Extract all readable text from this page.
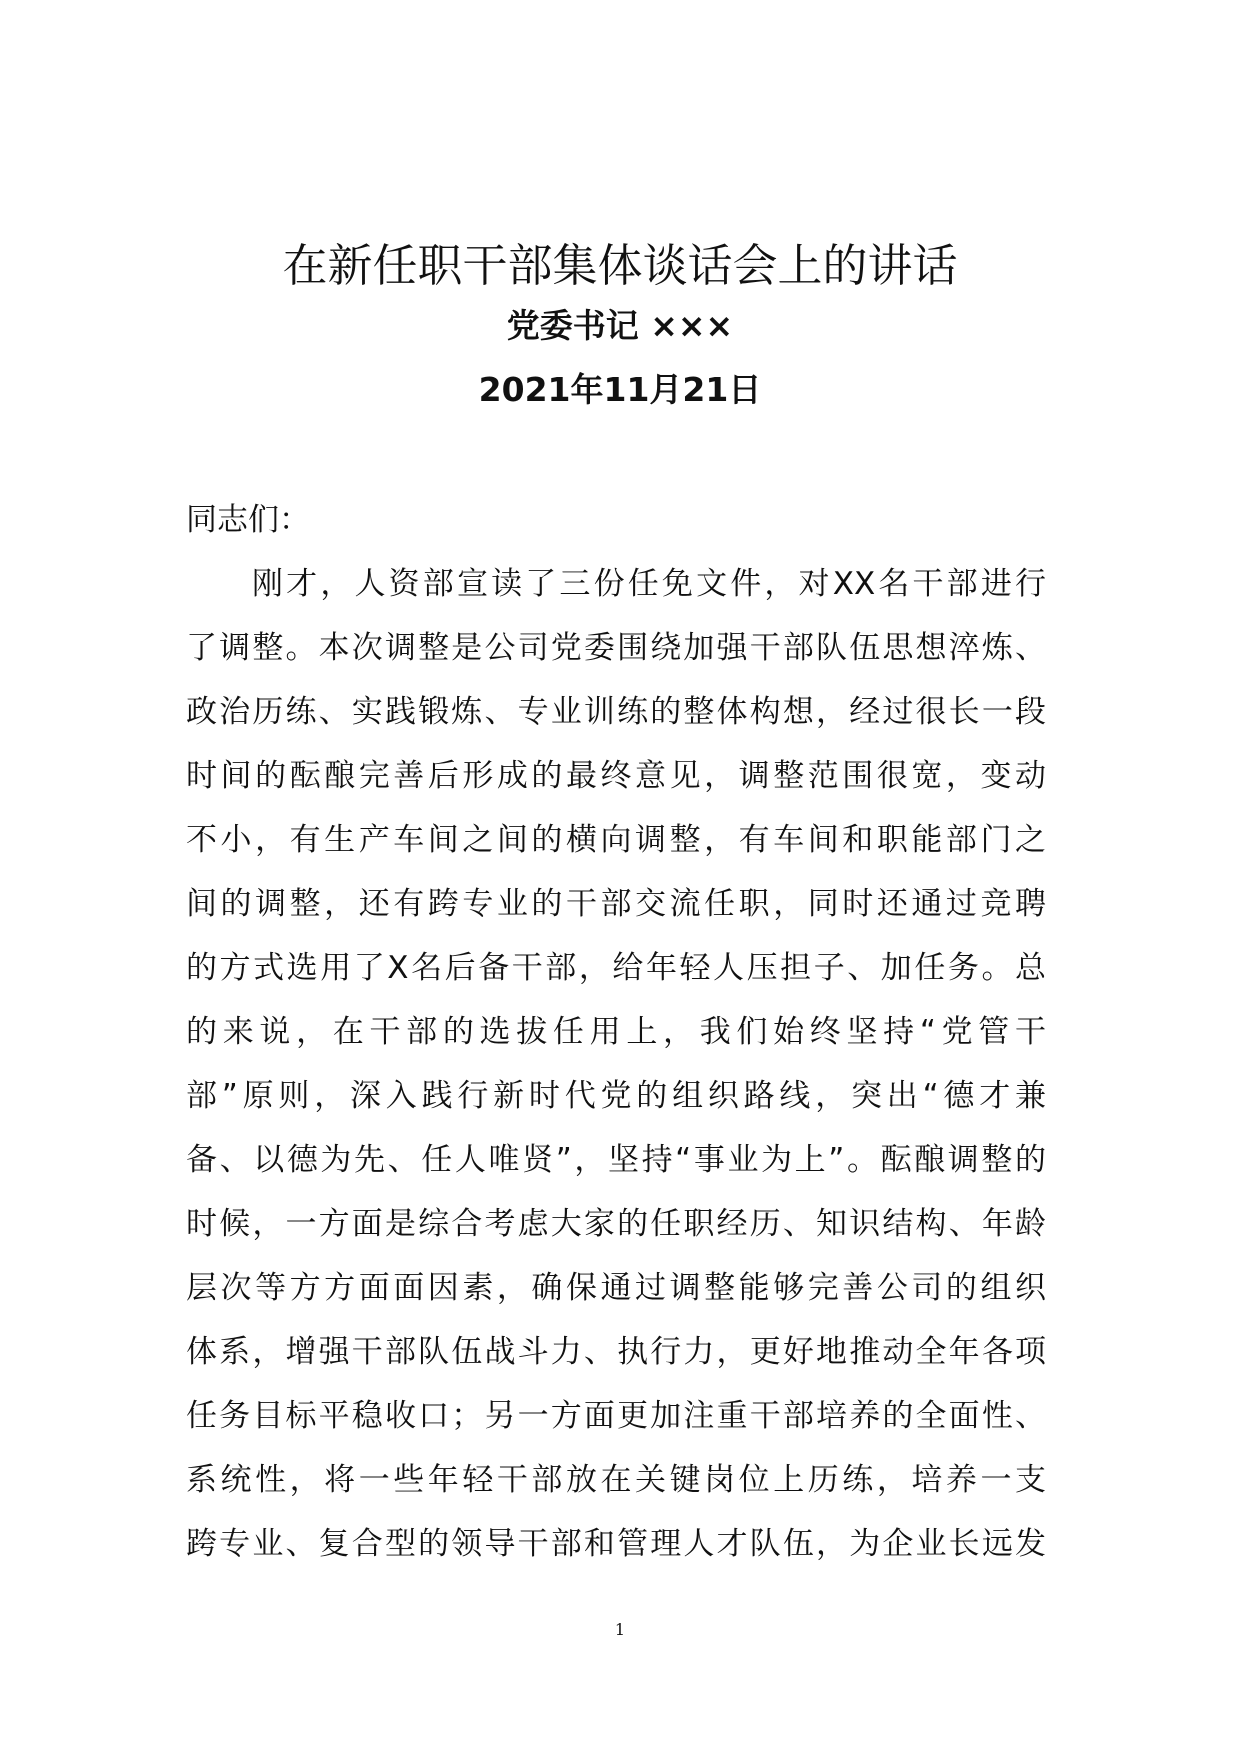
在新任职干部集体谈话会上的讲话
党委书记 ×××
2021年11月21日
同志们：
刚才，人资部宣读了三份任免文件，对XX名干部进行
了调整。本次调整是公司党委围绕加强干部队伍思想淬炼、
政治历练、实践锻炼、专业训练的整体构想，经过很长一段
时间的酝酿完善后形成的最终意见，调整范围很宽，变动
不小，有生产车间之间的横向调整，有车间和职能部门之
间的调整，还有跨专业的干部交流任职，同时还通过竞聘
的方式选用了X名后备干部，给年轻人压担子、加任务。总
的来说，在干部的选拔任用上，我们始终坚持“党管干
部”原则，深入践行新时代党的组织路线，突出“德才兼
备、以德为先、任人唯贤”，坚持“事业为上”。酝酿调整的
时候，一方面是综合考虑大家的任职经历、知识结构、年龄
层次等方方面面因素，确保通过调整能够完善公司的组织
体系，增强干部队伍战斗力、执行力，更好地推动全年各项
任务目标平稳收口；另一方面更加注重干部培养的全面性、
系统性，将一些年轻干部放在关键岗位上历练，培养一支
跨专业、复合型的领导干部和管理人才队伍，为企业长远发
1
